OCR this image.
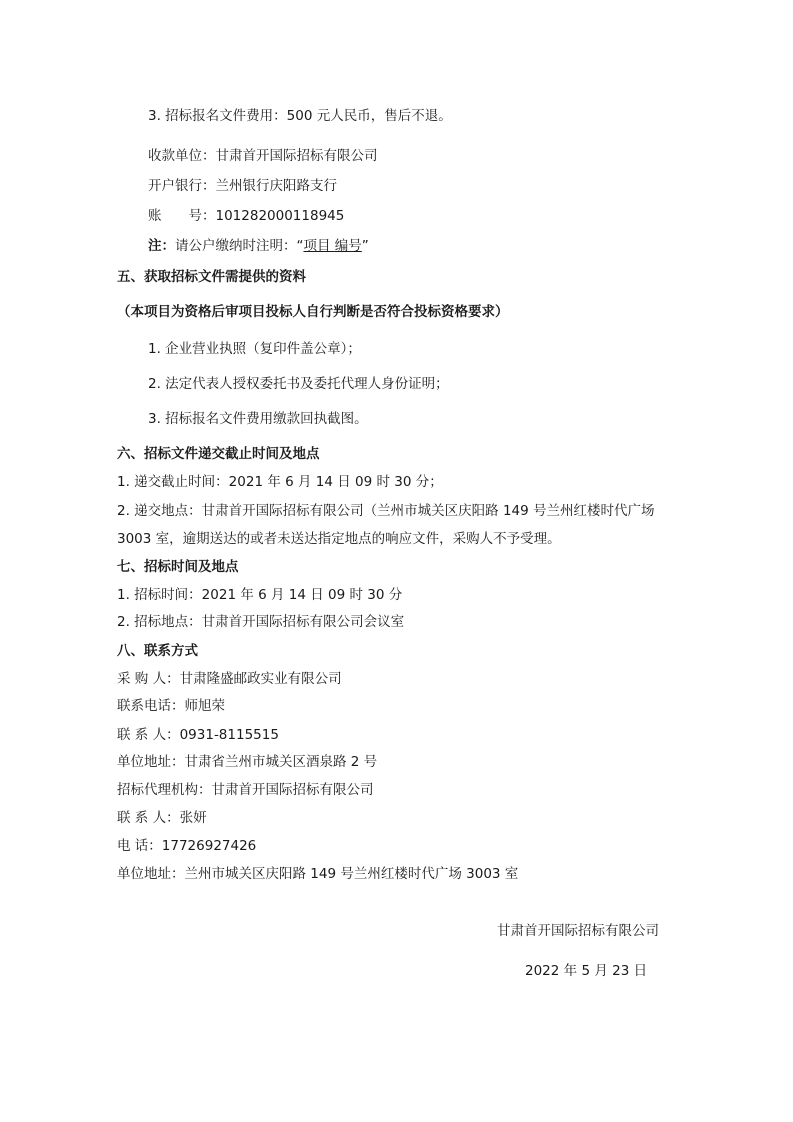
3. 招标报名文件费用：500 元人民币，售后不退。
收款单位：甘肃首开国际招标有限公司
开户银行：兰州银行庆阳路支行
账　　号：101282000118945
注：请公户缴纳时注明：“项目 编号”
五、获取招标文件需提供的资料
（本项目为资格后审项目投标人自行判断是否符合投标资格要求）
1. 企业营业执照（复印件盖公章）；
2. 法定代表人授权委托书及委托代理人身份证明；
3. 招标报名文件费用缴款回执截图。
六、招标文件递交截止时间及地点
1. 递交截止时间：2021 年 6 月 14 日 09 时 30 分；
2. 递交地点：甘肃首开国际招标有限公司（兰州市城关区庆阳路 149 号兰州红楼时代广场
3003 室，逾期送达的或者未送达指定地点的响应文件，采购人不予受理。
七、招标时间及地点
1. 招标时间：2021 年 6 月 14 日 09 时 30 分
2. 招标地点：甘肃首开国际招标有限公司会议室
八、联系方式
采 购 人：甘肃隆盛邮政实业有限公司
联系电话：师旭荣
联 系 人：0931-8115515
单位地址：甘肃省兰州市城关区酒泉路 2 号
招标代理机构：甘肃首开国际招标有限公司
联 系 人：张妍
电 话：17726927426
单位地址：兰州市城关区庆阳路 149 号兰州红楼时代广场 3003 室
甘肃首开国际招标有限公司
2022 年 5 月 23 日
